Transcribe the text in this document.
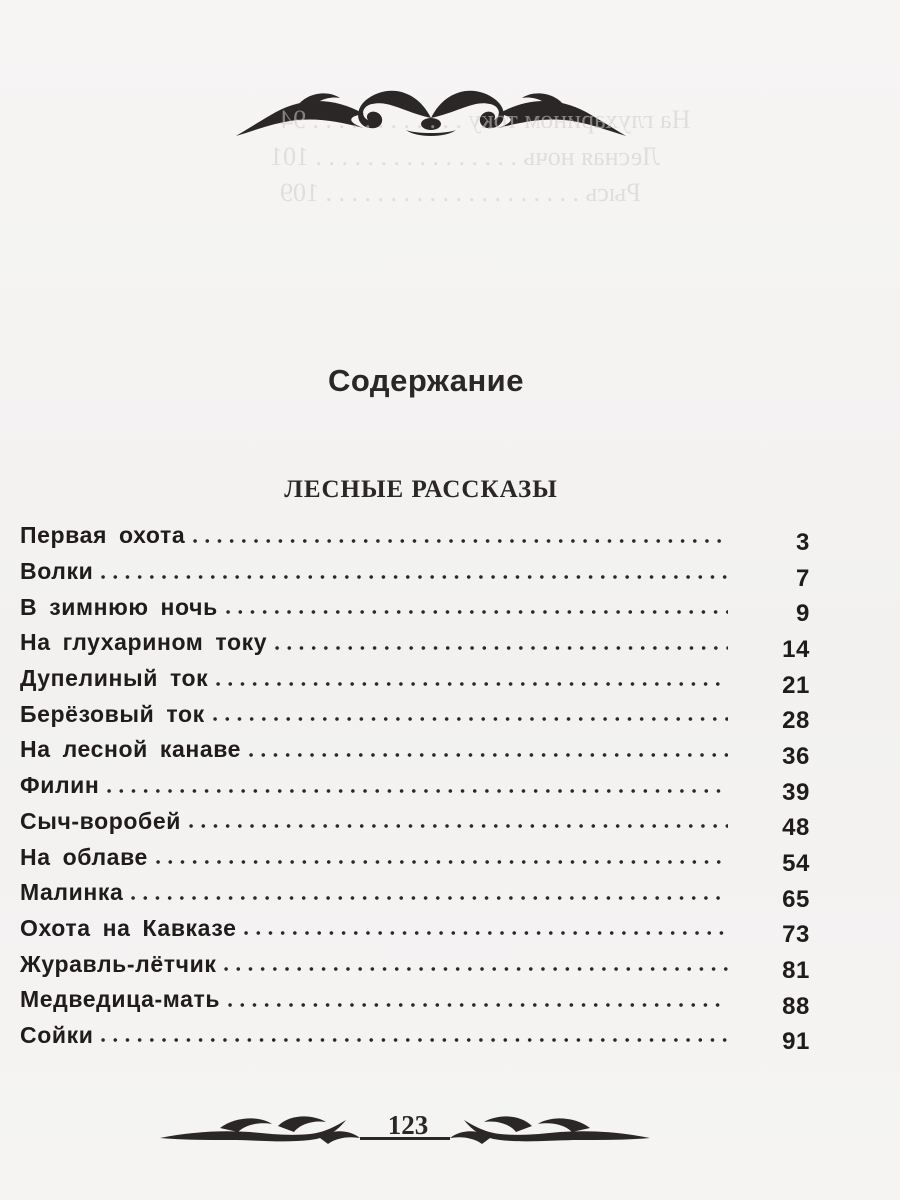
На глухарином току . . . . . . . . . . . . 94
Лесная ночь . . . . . . . . . . . . . . . . 101
Рысь . . . . . . . . . . . . . . . . . . . . 109
Содержание
ЛЕСНЫЕ РАССКАЗЫ
Первая охота	3
Волки	7
В зимнюю ночь	9
На глухарином току	14
Дупелиный ток	21
Берёзовый ток	28
На лесной канаве	36
Филин	39
Сыч-воробей	48
На облаве	54
Малинка	65
Охота на Кавказе	73
Журавль-лётчик	81
Медведица-мать	88
Сойки	91
123
